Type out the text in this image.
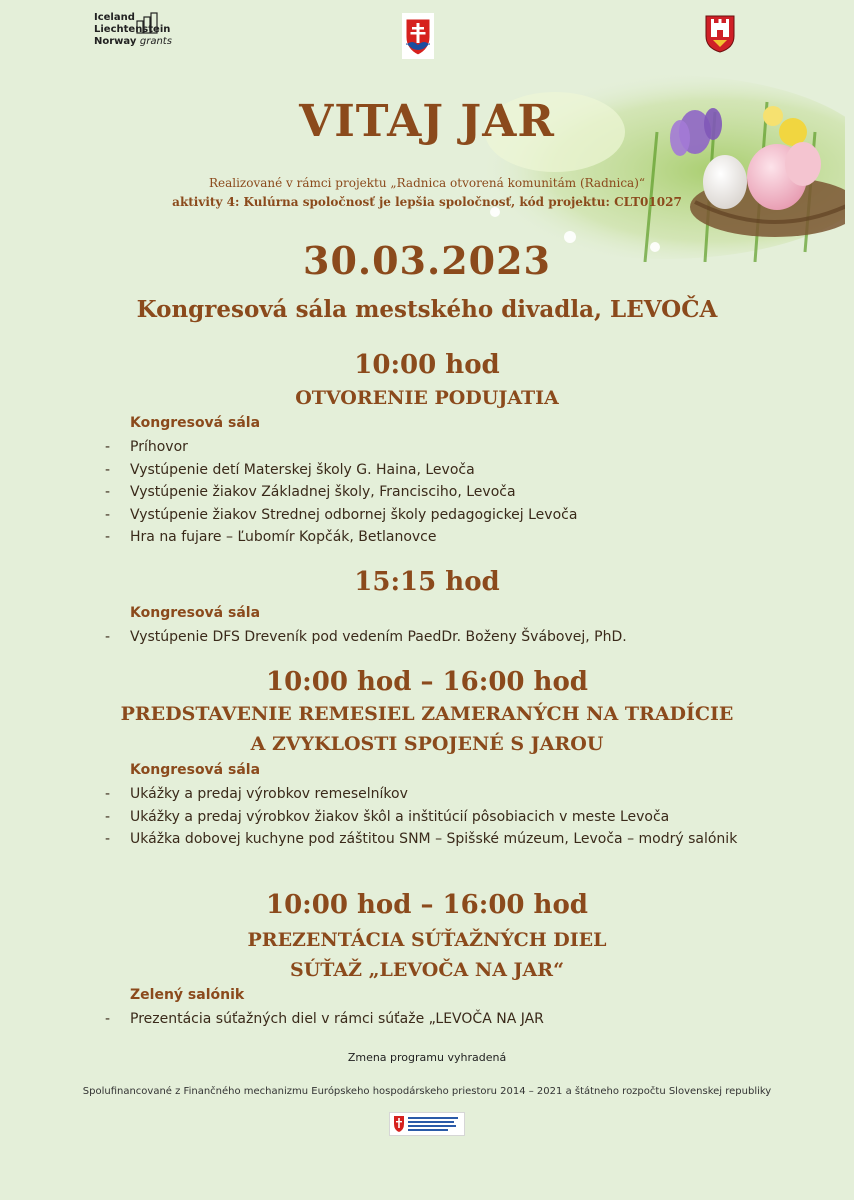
Iceland
Liechtenstein
Norway grants
VITAJ JAR
Realizované v rámci projektu „Radnica otvorená komunitám (Radnica)“
aktivity 4: Kulúrna spoločnosť je lepšia spoločnosť, kód projektu: CLT01027
30.03.2023
Kongresová sála mestského divadla, LEVOČA
10:00 hod
OTVORENIE PODUJATIA
Kongresová sála
- Príhovor
- Vystúpenie detí Materskej školy G. Haina, Levoča
- Vystúpenie žiakov Základnej školy, Francisciho, Levoča
- Vystúpenie žiakov Strednej odbornej školy pedagogickej Levoča
- Hra na fujare – Ľubomír Kopčák, Betlanovce
15:15 hod
Kongresová sála
- Vystúpenie DFS Dreveník pod vedením PaedDr. Boženy Švábovej, PhD.
10:00 hod – 16:00 hod
PREDSTAVENIE REMESIEL ZAMERANÝCH NA TRADÍCIE
A ZVYKLOSTI SPOJENÉ S JAROU
Kongresová sála
- Ukážky a predaj výrobkov remeselníkov
- Ukážky a predaj výrobkov žiakov škôl a inštitúcií pôsobiacich v meste Levoča
- Ukážka dobovej kuchyne pod záštitou SNM – Spišské múzeum, Levoča – modrý salónik
10:00 hod – 16:00 hod
PREZENTÁCIA SÚŤAŽNÝCH DIEL
SÚŤAŽ „LEVOČA NA JAR“
Zelený salónik
- Prezentácia súťažných diel v rámci súťaže „LEVOČA NA JAR
Zmena programu vyhradená
Spolufinancované z Finančného mechanizmu Európskeho hospodárskeho priestoru 2014 – 2021 a štátneho rozpočtu Slovenskej republiky
